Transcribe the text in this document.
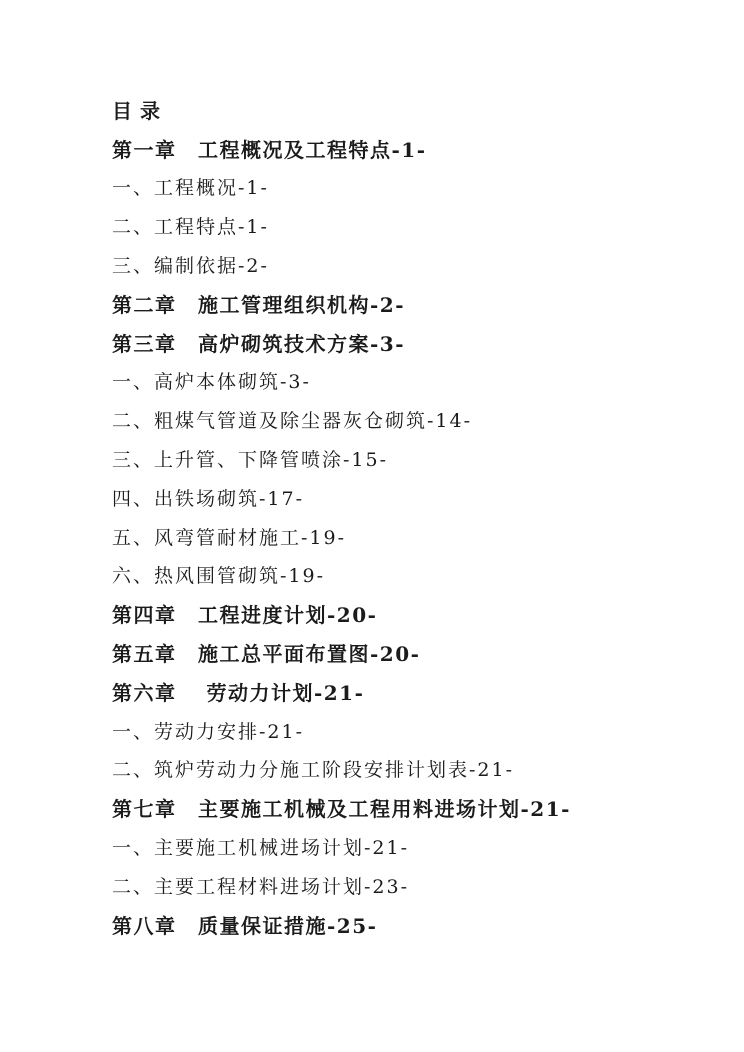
目录
第一章　工程概况及工程特点-1-
一、工程概况-1-
二、工程特点-1-
三、编制依据-2-
第二章　施工管理组织机构-2-
第三章　高炉砌筑技术方案-3-
一、高炉本体砌筑-3-
二、粗煤气管道及除尘器灰仓砌筑-14-
三、上升管、下降管喷涂-15-
四、出铁场砌筑-17-
五、风弯管耐材施工-19-
六、热风围管砌筑-19-
第四章　工程进度计划-20-
第五章　施工总平面布置图-20-
第六章　 劳动力计划-21-
一、劳动力安排-21-
二、筑炉劳动力分施工阶段安排计划表-21-
第七章　主要施工机械及工程用料进场计划-21-
一、主要施工机械进场计划-21-
二、主要工程材料进场计划-23-
第八章　质量保证措施-25-
